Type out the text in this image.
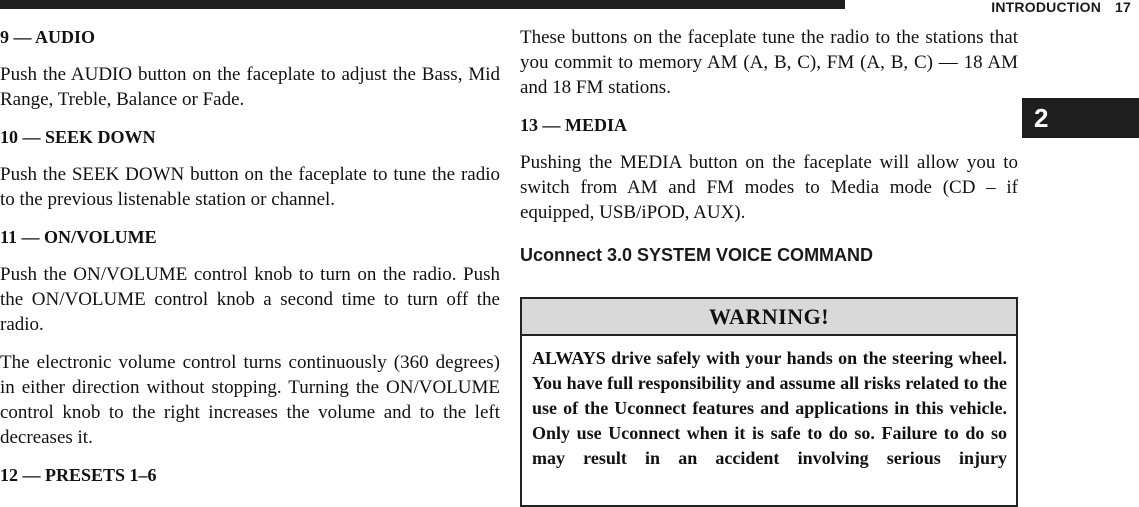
INTRODUCTION 17
2
9 — AUDIO

Push the AUDIO button on the faceplate to adjust the Bass, Mid Range, Treble, Balance or Fade.

10 — SEEK DOWN

Push the SEEK DOWN button on the faceplate to tune the radio to the previous listenable station or channel.

11 — ON/VOLUME

Push the ON/VOLUME control knob to turn on the radio. Push the ON/VOLUME control knob a second time to turn off the radio.

The electronic volume control turns continuously (360 degrees) in either direction without stopping. Turning the ON/VOLUME control knob to the right increases the volume and to the left decreases it.

12 — PRESETS 1–6

These buttons on the faceplate tune the radio to the stations that you commit to memory AM (A, B, C), FM (A, B, C) — 18 AM and 18 FM stations.

13 — MEDIA

Pushing the MEDIA button on the faceplate will allow you to switch from AM and FM modes to Media mode (CD – if equipped, USB/iPOD, AUX).

Uconnect 3.0 SYSTEM VOICE COMMAND
WARNING!
ALWAYS drive safely with your hands on the steering wheel. You have full responsibility and assume all risks related to the use of the Uconnect features and applications in this vehicle. Only use Uconnect when it is safe to do so. Failure to do so may result in an accident involving serious injury
